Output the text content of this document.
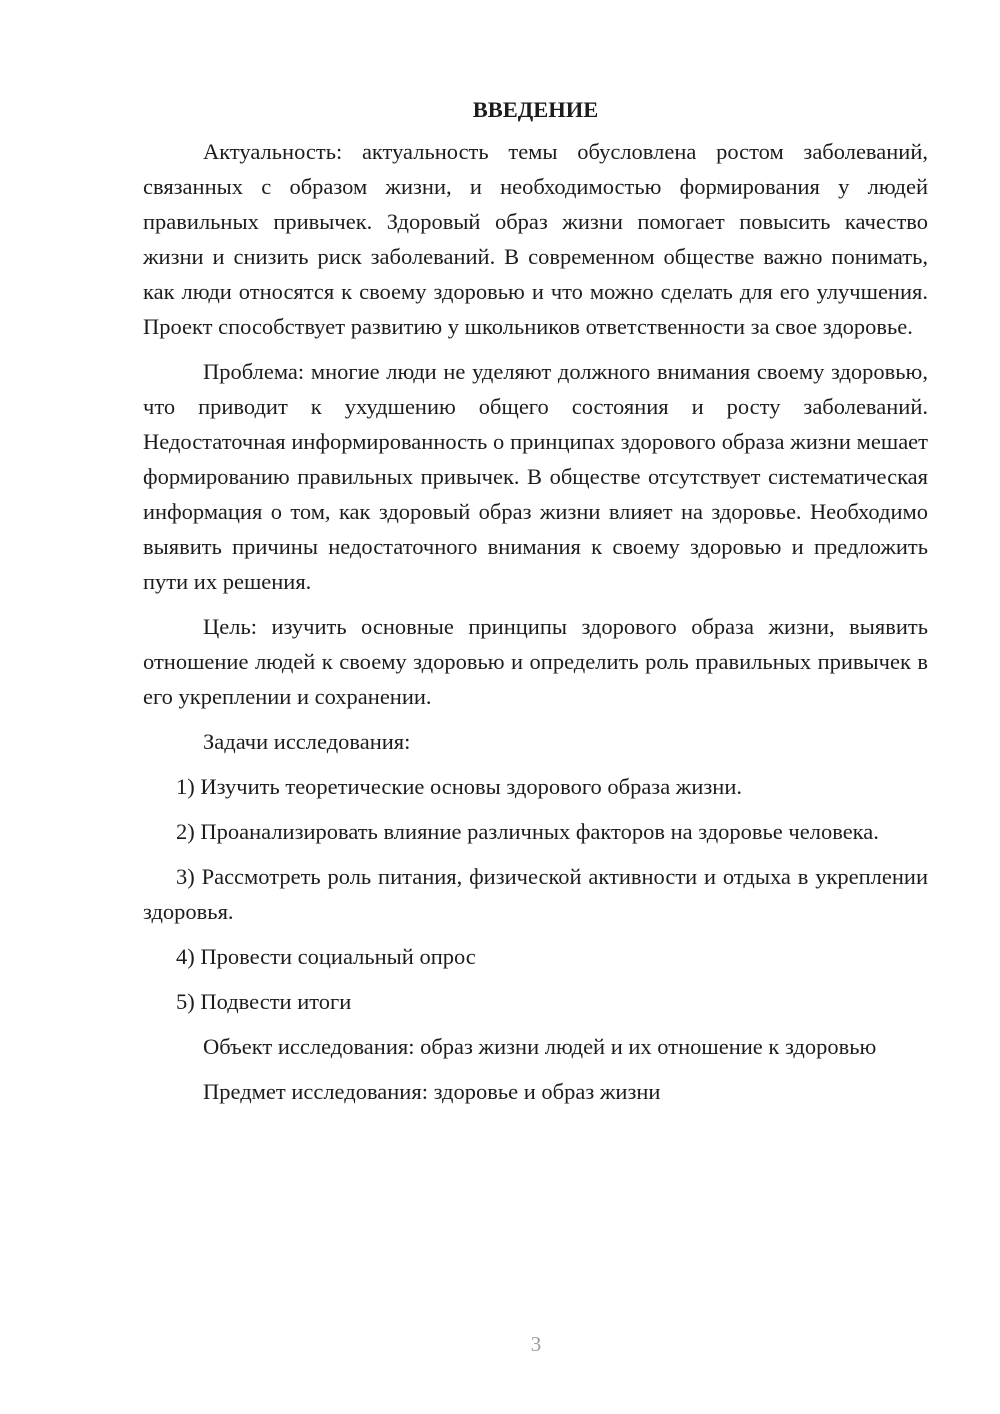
ВВЕДЕНИЕ

Актуальность: актуальность темы обусловлена ростом заболеваний, связанных с образом жизни, и необходимостью формирования у людей правильных привычек. Здоровый образ жизни помогает повысить качество жизни и снизить риск заболеваний. В современном обществе важно понимать, как люди относятся к своему здоровью и что можно сделать для его улучшения. Проект способствует развитию у школьников ответственности за свое здоровье.

Проблема: многие люди не уделяют должного внимания своему здоровью, что приводит к ухудшению общего состояния и росту заболеваний. Недостаточная информированность о принципах здорового образа жизни мешает формированию правильных привычек. В обществе отсутствует систематическая информация о том, как здоровый образ жизни влияет на здоровье. Необходимо выявить причины недостаточного внимания к своему здоровью и предложить пути их решения.

Цель: изучить основные принципы здорового образа жизни, выявить отношение людей к своему здоровью и определить роль правильных привычек в его укреплении и сохранении.

Задачи исследования:

1) Изучить теоретические основы здорового образа жизни.

2) Проанализировать влияние различных факторов на здоровье человека.

3) Рассмотреть роль питания, физической активности и отдыха в укреплении здоровья.

4) Провести социальный опрос

5) Подвести итоги

Объект исследования: образ жизни людей и их отношение к здоровью

Предмет исследования: здоровье и образ жизни

3
